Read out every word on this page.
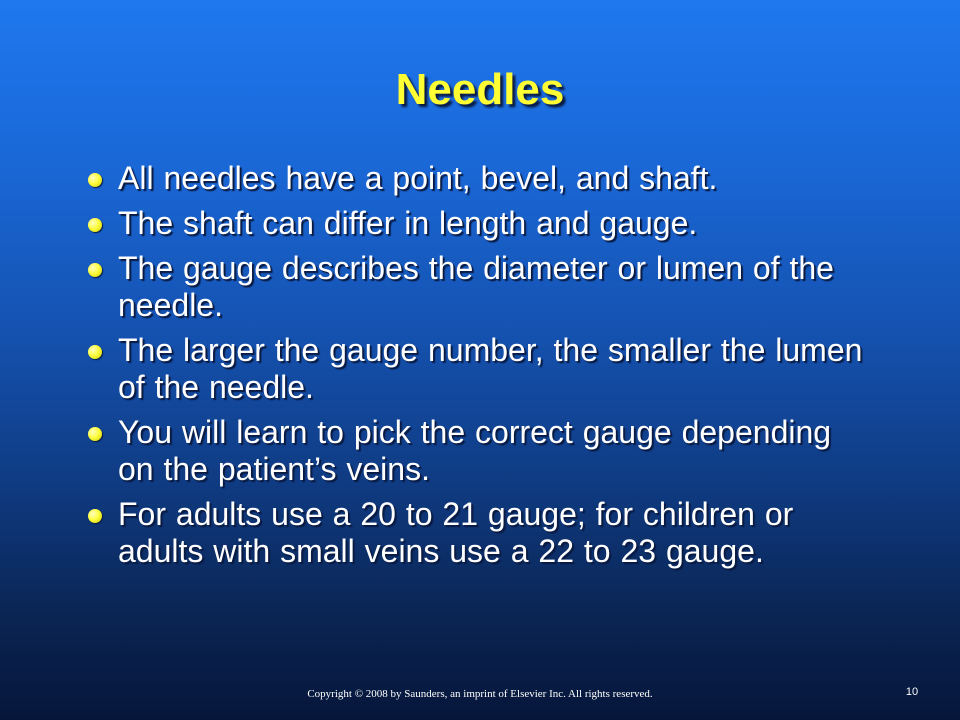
Needles
All needles have a point, bevel, and shaft.
The shaft can differ in length and gauge.
The gauge describes the diameter or lumen of the needle.
The larger the gauge number, the smaller the lumen of the needle.
You will learn to pick the correct gauge depending on the patient’s veins.
For adults use a 20 to 21 gauge; for children or adults with small veins use a 22 to 23 gauge.
Copyright © 2008 by Saunders, an imprint of Elsevier Inc. All rights reserved.	10
